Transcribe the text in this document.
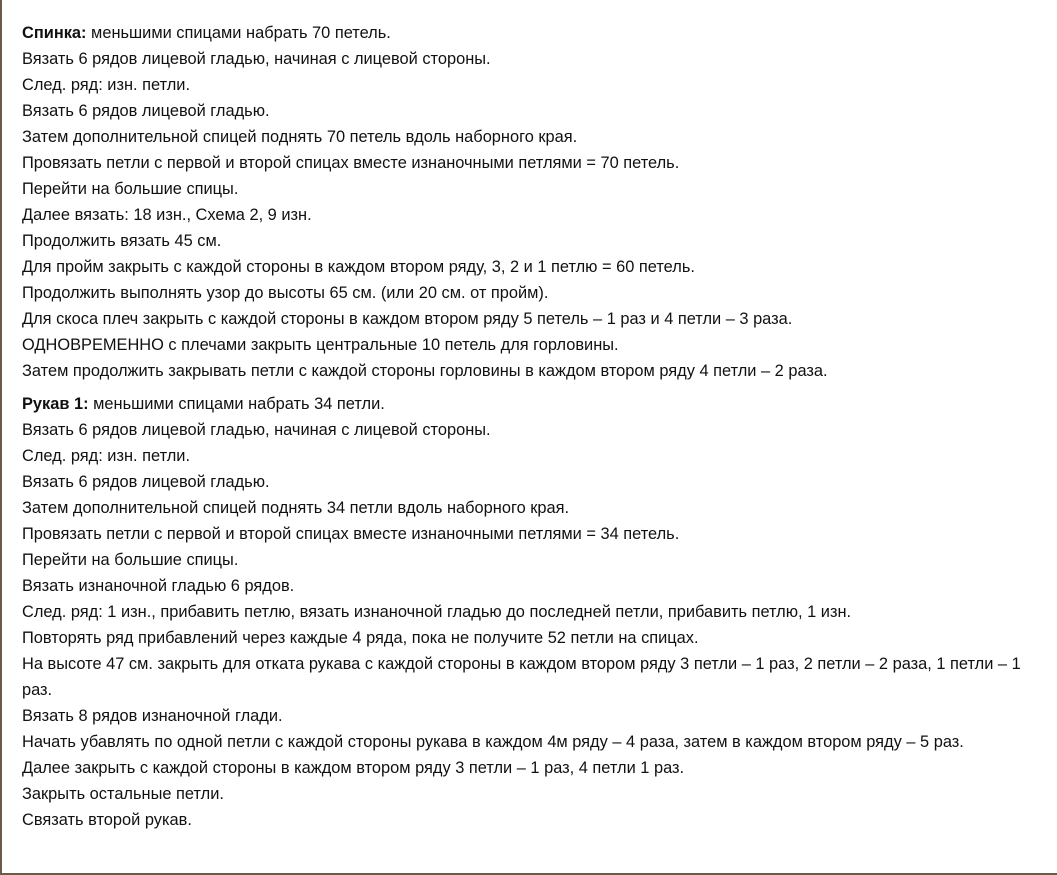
Спинка: меньшими спицами набрать 70 петель.

Вязать 6 рядов лицевой гладью, начиная с лицевой стороны.

След. ряд: изн. петли.

Вязать 6 рядов лицевой гладью.

Затем дополнительной спицей поднять 70 петель вдоль наборного края.

Провязать петли с первой и второй спицах вместе изнаночными петлями = 70 петель.

Перейти на большие спицы.

Далее вязать: 18 изн., Схема 2, 9 изн.

Продолжить вязать 45 см.

Для пройм закрыть с каждой стороны в каждом втором ряду, 3, 2 и 1 петлю = 60 петель.

Продолжить выполнять узор до высоты 65 см. (или 20 см. от пройм).

Для скоса плеч закрыть с каждой стороны в каждом втором ряду 5 петель – 1 раз и 4 петли – 3 раза.

ОДНОВРЕМЕННО с плечами закрыть центральные 10 петель для горловины.

Затем продолжить закрывать петли с каждой стороны горловины в каждом втором ряду 4 петли – 2 раза.

Рукав 1: меньшими спицами набрать 34 петли.

Вязать 6 рядов лицевой гладью, начиная с лицевой стороны.

След. ряд: изн. петли.

Вязать 6 рядов лицевой гладью.

Затем дополнительной спицей поднять 34 петли вдоль наборного края.

Провязать петли с первой и второй спицах вместе изнаночными петлями = 34 петель.

Перейти на большие спицы.

Вязать изнаночной гладью 6 рядов.

След. ряд: 1 изн., прибавить петлю, вязать изнаночной гладью до последней петли, прибавить петлю, 1 изн.

Повторять ряд прибавлений через каждые 4 ряда, пока не получите 52 петли на спицах.

На высоте 47 см. закрыть для отката рукава с каждой стороны в каждом втором ряду 3 петли – 1 раз, 2 петли – 2 раза, 1 петли – 1 раз.

Вязать 8 рядов изнаночной глади.

Начать убавлять по одной петли с каждой стороны рукава в каждом 4м ряду – 4 раза, затем в каждом втором ряду – 5 раз.

Далее закрыть с каждой стороны в каждом втором ряду 3 петли – 1 раз, 4 петли 1 раз.

Закрыть остальные петли.

Связать второй рукав.
